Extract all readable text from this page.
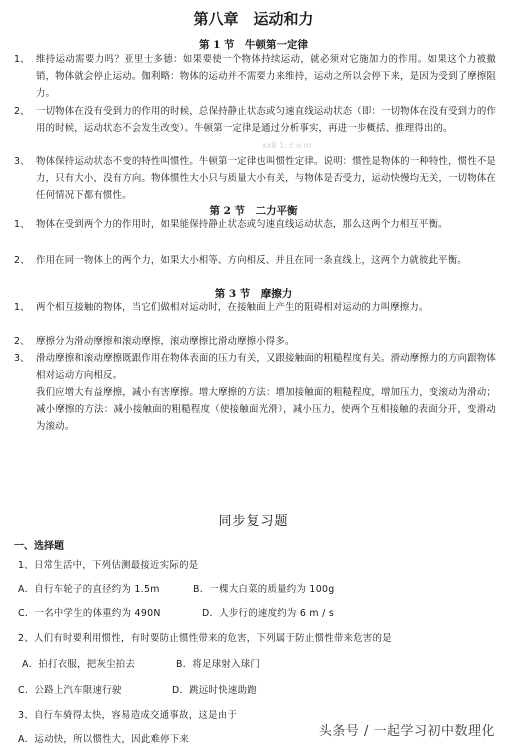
第八章　运动和力
第 1 节　牛顿第一定律
1、 维持运动需要力吗？亚里士多德：如果要使一个物体持续运动，就必须对它施加力的作用。如果这个力被撤销，物体就会停止运动。伽利略：物体的运动并不需要力来维持，运动之所以会停下来，是因为受到了摩擦阻力。
2、 一切物体在没有受到力的作用的时候，总保持静止状态或匀速直线运动状态（即：一切物体在没有受到力的作用的时候，运动状态不会发生改变）。牛顿第一定律是通过分析事实，再进一步概括、推理得出的。
xx8 1. c o m
3、 物体保持运动状态不变的特性叫惯性。牛顿第一定律也叫惯性定律。说明：惯性是物体的一种特性，惯性不是力，只有大小，没有方向。物体惯性大小只与质量大小有关，与物体是否受力，运动快慢均无关，一切物体在任何情况下都有惯性。
第 2 节　二力平衡
1、 物体在受到两个力的作用时，如果能保持静止状态或匀速直线运动状态，那么这两个力相互平衡。
2、 作用在同一物体上的两个力，如果大小相等、方向相反、并且在同一条直线上，这两个力就彼此平衡。
第 3 节　摩擦力
1、 两个相互接触的物体，当它们做相对运动时，在接触面上产生的阻碍相对运动的力叫摩擦力。
2、 摩擦分为滑动摩擦和滚动摩擦，滚动摩擦比滑动摩擦小得多。
3、 滑动摩擦和滚动摩擦既跟作用在物体表面的压力有关，又跟接触面的粗糙程度有关。滑动摩擦力的方向跟物体相对运动方向相反。
我们应增大有益摩擦，减小有害摩擦。增大摩擦的方法：增加接触面的粗糙程度，增加压力，变滚动为滑动；减小摩擦的方法：减小接触面的粗糙程度（使接触面光滑），减小压力，使两个互相接触的表面分开，变滑动为滚动。
同步复习题
一、选择题
1、日常生活中，下列估测最接近实际的是
A．自行车轮子的直径约为 1.5m	B．一棵大白菜的质量约为 100g
C．一名中学生的体重约为 490N	D．人步行的速度约为 6 m / s
2、人们有时要利用惯性，有时要防止惯性带来的危害，下列属于防止惯性带来危害的是
A．拍打衣服，把灰尘拍去	B．将足球射入球门
C．公路上汽车限速行驶	D．跳远时快速助跑
3、自行车骑得太快，容易造成交通事故，这是由于
A．运动快，所以惯性大，因此难停下来
头条号 / 一起学习初中数理化
